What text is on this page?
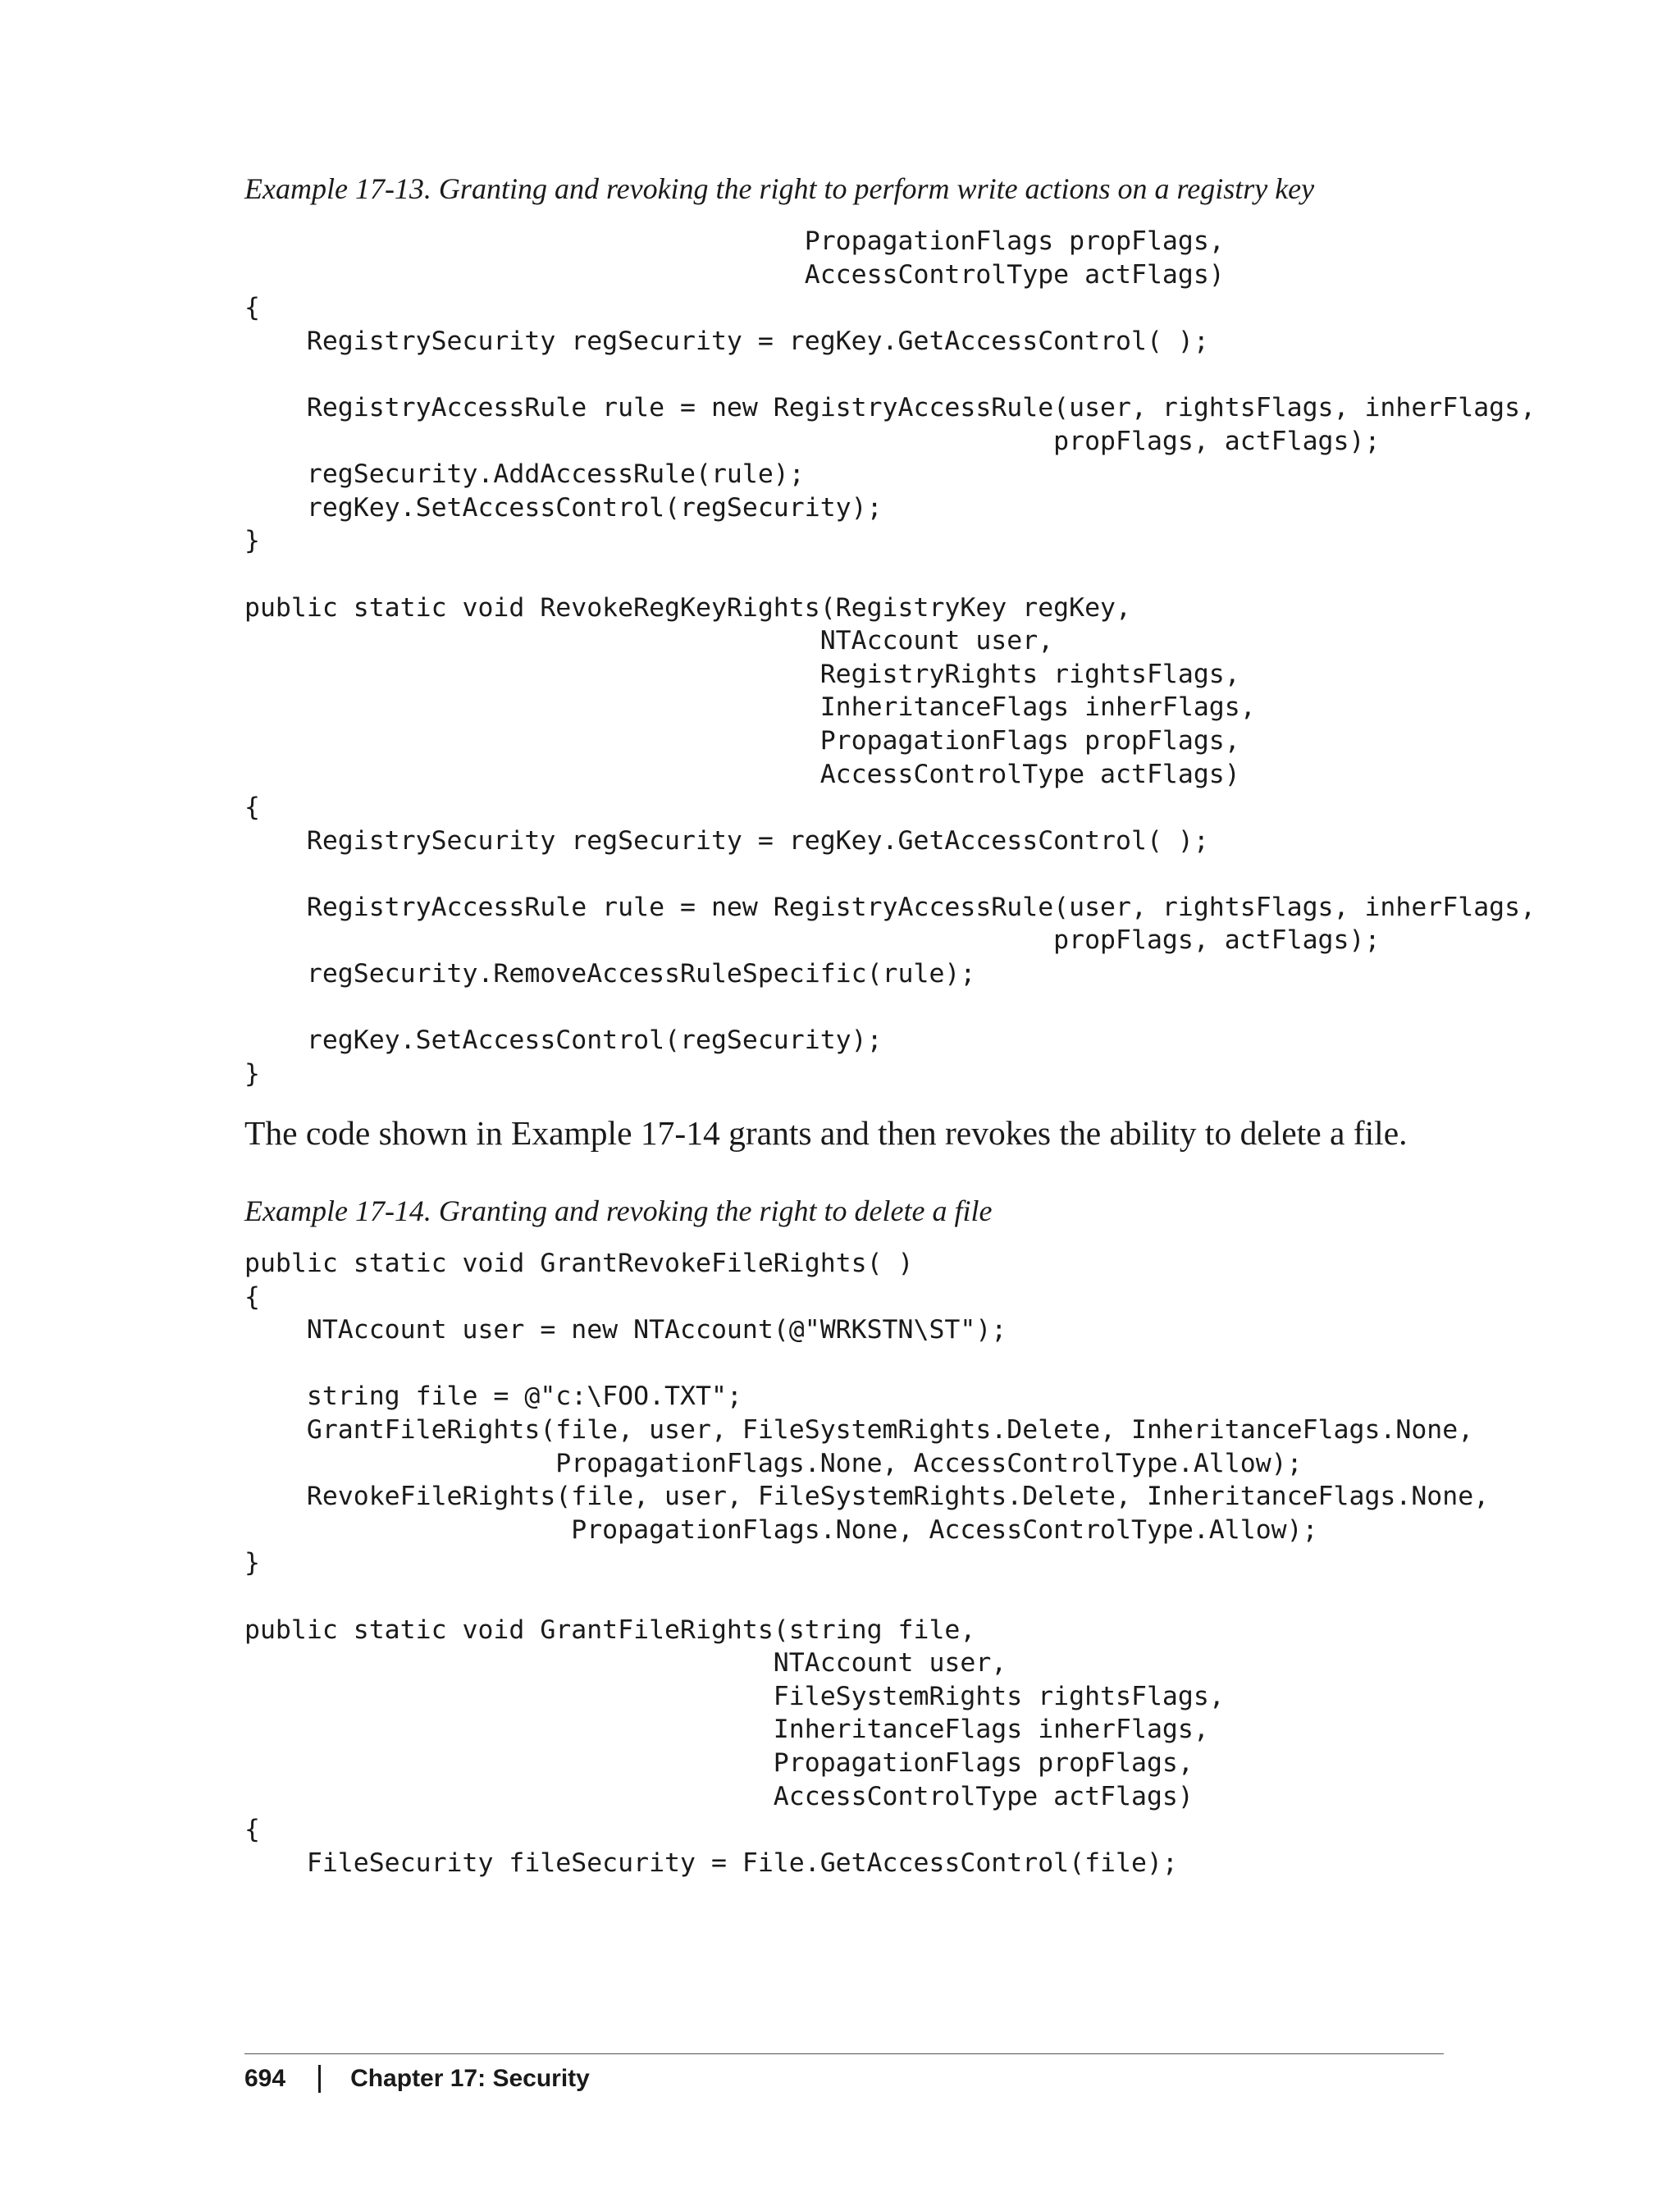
Example 17-13. Granting and revoking the right to perform write actions on a registry key

PropagationFlags propFlags,
AccessControlType actFlags)
{
RegistrySecurity regSecurity = regKey.GetAccessControl( );
RegistryAccessRule rule = new RegistryAccessRule(user, rightsFlags, inherFlags,
propFlags, actFlags);
regSecurity.AddAccessRule(rule);
regKey.SetAccessControl(regSecurity);
}
public static void RevokeRegKeyRights(RegistryKey regKey,
NTAccount user,
RegistryRights rightsFlags,
InheritanceFlags inherFlags,
PropagationFlags propFlags,
AccessControlType actFlags)
{
RegistrySecurity regSecurity = regKey.GetAccessControl( );
RegistryAccessRule rule = new RegistryAccessRule(user, rightsFlags, inherFlags,
propFlags, actFlags);
regSecurity.RemoveAccessRuleSpecific(rule);
regKey.SetAccessControl(regSecurity);
}

The code shown in Example 17-14 grants and then revokes the ability to delete a file.

Example 17-14. Granting and revoking the right to delete a file

public static void GrantRevokeFileRights( )
{
NTAccount user = new NTAccount(@"WRKSTN\ST");
string file = @"c:\FOO.TXT";
GrantFileRights(file, user, FileSystemRights.Delete, InheritanceFlags.None,
PropagationFlags.None, AccessControlType.Allow);
RevokeFileRights(file, user, FileSystemRights.Delete, InheritanceFlags.None,
PropagationFlags.None, AccessControlType.Allow);
}
public static void GrantFileRights(string file,
NTAccount user,
FileSystemRights rightsFlags,
InheritanceFlags inherFlags,
PropagationFlags propFlags,
AccessControlType actFlags)
{
FileSecurity fileSecurity = File.GetAccessControl(file);
694	Chapter 17: Security
